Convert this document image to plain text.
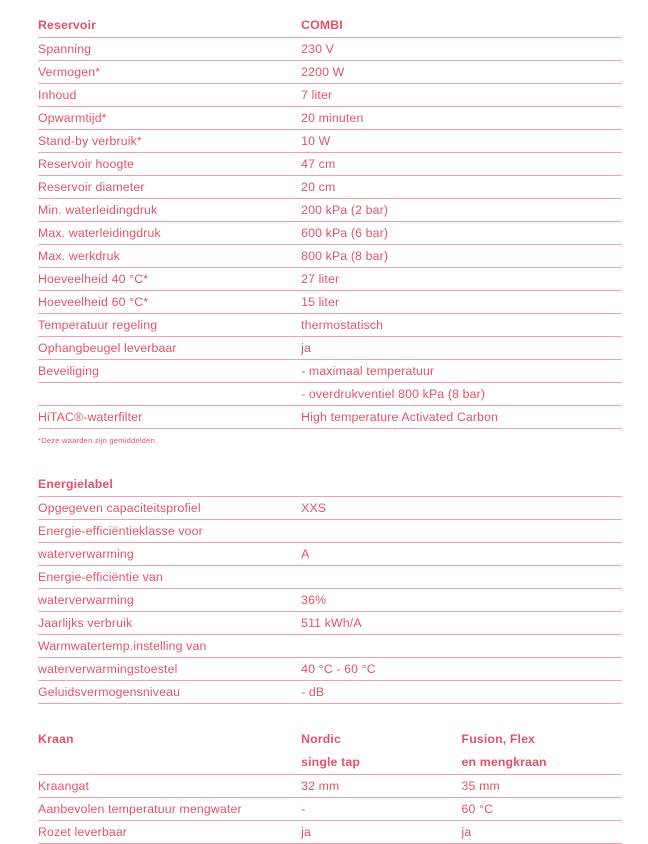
Reservoir	COMBI
Spanning	230 V
Vermogen*	2200 W
Inhoud	7 liter
Opwarmtijd*	20 minuten
Stand-by verbruik*	10 W
Reservoir hoogte	47 cm
Reservoir diameter	20 cm
Min. waterleidingdruk	200 kPa (2 bar)
Max. waterleidingdruk	600 kPa (6 bar)
Max. werkdruk	800 kPa (8 bar)
Hoeveelheid 40 °C*	27 liter
Hoeveelheid 60 °C*	15 liter
Temperatuur regeling	thermostatisch
Ophangbeugel leverbaar	ja
Beveiliging	- maximaal temperatuur
	- overdrukventiel 800 kPa (8 bar)
HiTAC®-waterfilter	High temperature Activated Carbon

*Deze waarden zijn gemiddelden.

Energielabel	
Opgegeven capaciteitsprofiel	XXS
Energie-efficiëntieklasse voor	
waterverwarming	A
Energie-efficiëntie van	
waterverwarming	36%
Jaarlijks verbruik	511 kWh/A
Warmwatertemp.instelling van	
waterverwarmingstoestel	40 °C - 60 °C
Geluidsvermogensniveau	- dB
Kraan	Nordic	Fusion, Flex
	single tap	en mengkraan
Kraangat	32 mm	35 mm
Aanbevolen temperatuur mengwater	-	60 °C
Rozet leverbaar	ja	ja
